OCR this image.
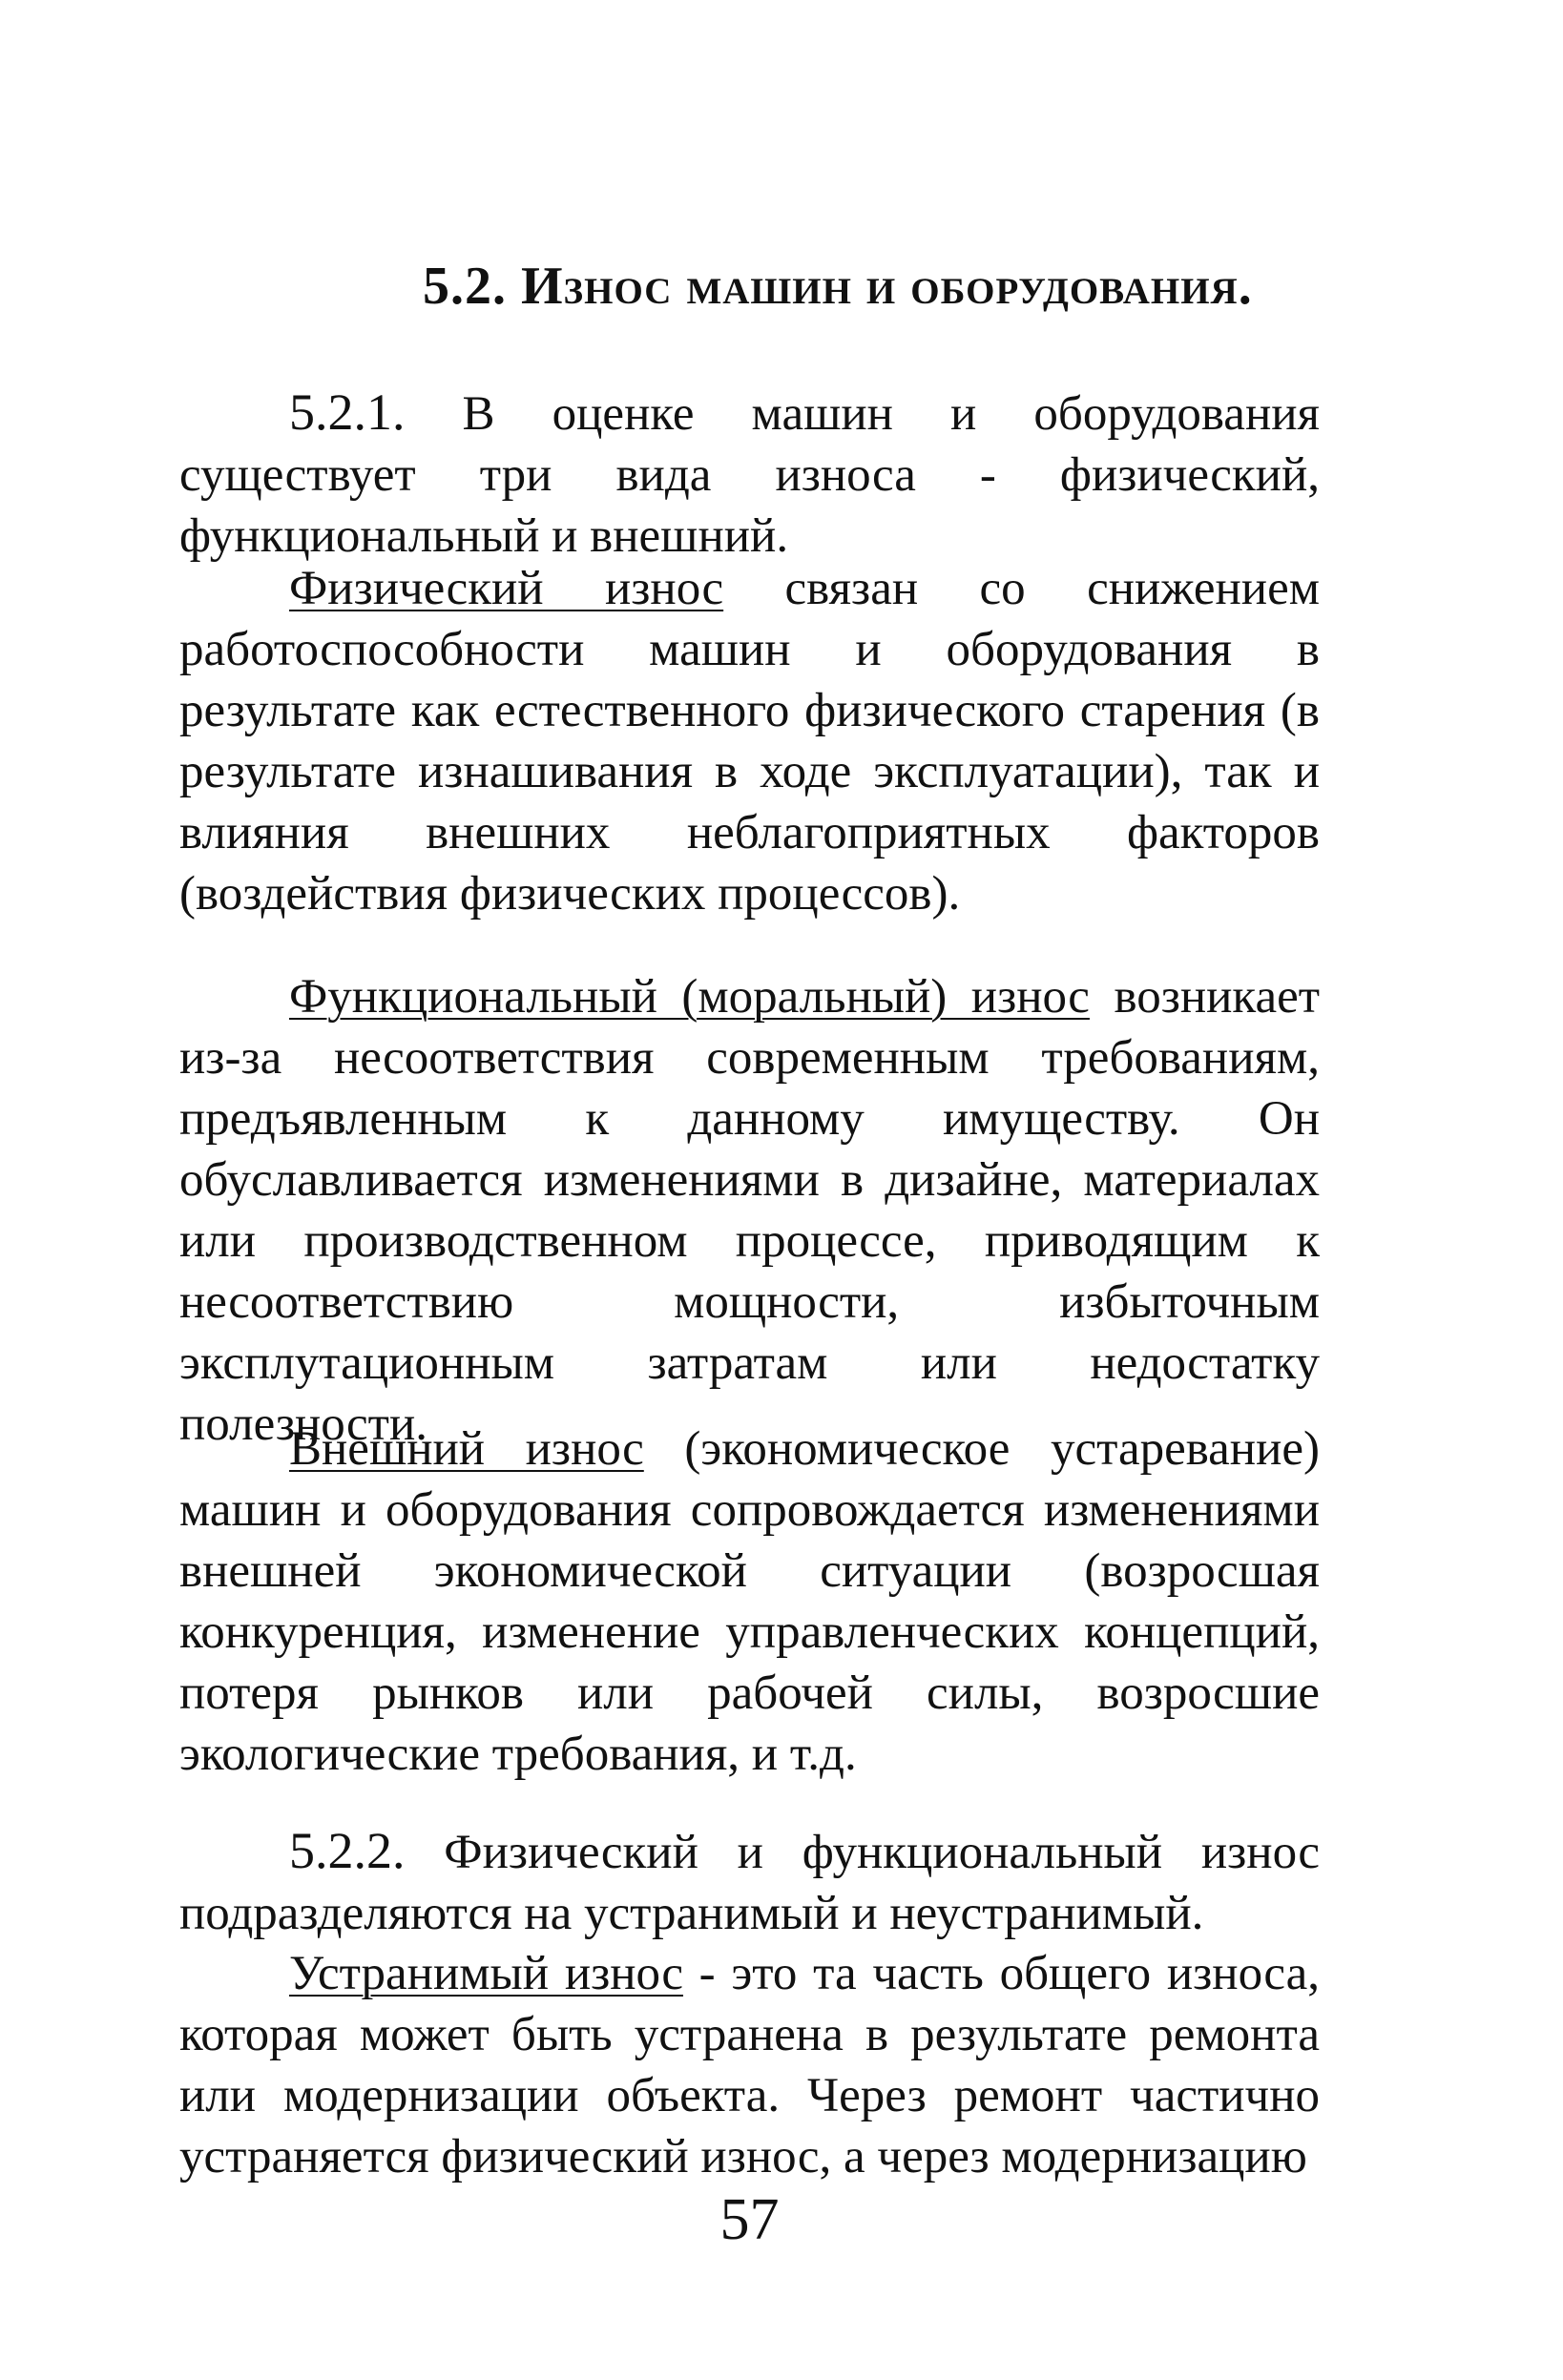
5.2. Износ машин и оборудования.

5.2.1. В оценке машин и оборудования существует три вида износа - физический, функциональный и внешний.

Физический износ связан со снижением работоспособности машин и оборудования в результате как естественного физического старения (в результате изнашивания в ходе эксплуатации), так и влияния внешних неблагоприятных факторов (воздействия физических процессов).

Функциональный (моральный) износ возникает из-за несоответствия современным требованиям, предъявленным к данному имуществу. Он обуславливается изменениями в дизайне, материалах или производственном процессе, приводящим к несоответствию мощности, избыточным эксплутационным затратам или недостатку полезности.

Внешний износ (экономическое устаревание) машин и оборудования сопровождается изменениями внешней экономической ситуации (возросшая конкуренция, изменение управленческих концепций, потеря рынков или рабочей силы, возросшие экологические требования, и т.д.

5.2.2. Физический и функциональный износ подразделяются на устранимый и неустранимый.

Устранимый износ - это та часть общего износа, которая может быть устранена в результате ремонта или модернизации объекта. Через ремонт частично устраняется физический износ, а через модернизацию

57
